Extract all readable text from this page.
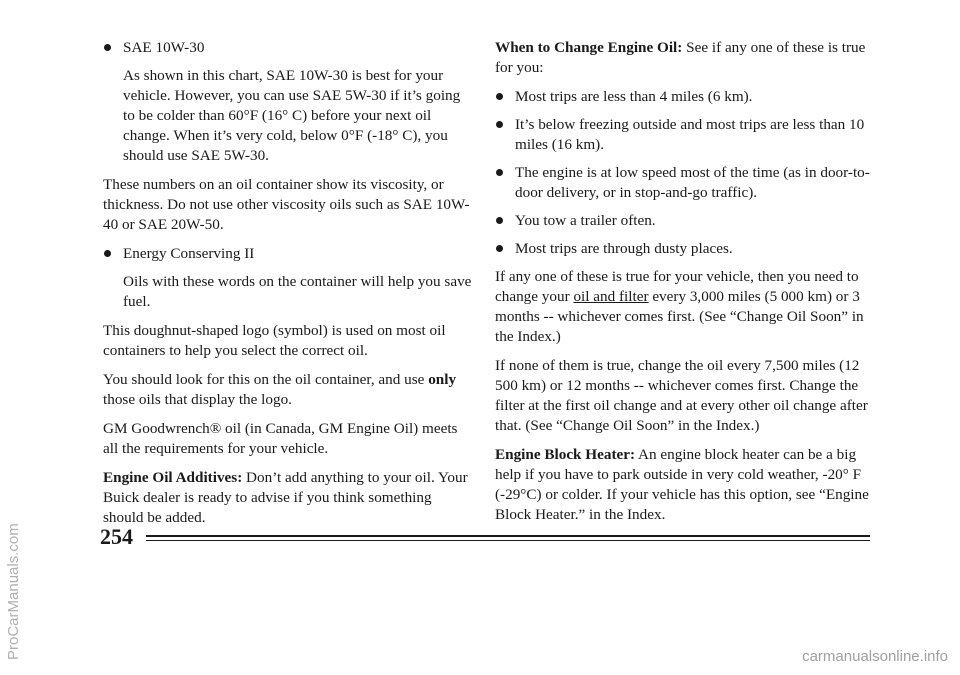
SAE 10W-30

As shown in this chart, SAE 10W-30 is best for your vehicle. However, you can use SAE 5W-30 if it’s going to be colder than 60°F (16° C) before your next oil change. When it’s very cold, below 0°F (-18° C), you should use SAE 5W-30.

These numbers on an oil container show its viscosity, or thickness. Do not use other viscosity oils such as SAE 10W-40 or SAE 20W-50.

Energy Conserving II

Oils with these words on the container will help you save fuel.

This doughnut-shaped logo (symbol) is used on most oil containers to help you select the correct oil.

You should look for this on the oil container, and use only those oils that display the logo.

GM Goodwrench® oil (in Canada, GM Engine Oil) meets all the requirements for your vehicle.

Engine Oil Additives: Don’t add anything to your oil. Your Buick dealer is ready to advise if you think something should be added.

When to Change Engine Oil: See if any one of these is true for you:

Most trips are less than 4 miles (6 km).
It’s below freezing outside and most trips are less than 10 miles (16 km).
The engine is at low speed most of the time (as in door-to-door delivery, or in stop-and-go traffic).
You tow a trailer often.
Most trips are through dusty places.

If any one of these is true for your vehicle, then you need to change your oil and filter every 3,000 miles (5 000 km) or 3 months -- whichever comes first. (See “Change Oil Soon” in the Index.)

If none of them is true, change the oil every 7,500 miles (12 500 km) or 12 months -- whichever comes first. Change the filter at the first oil change and at every other oil change after that. (See “Change Oil Soon” in the Index.)

Engine Block Heater: An engine block heater can be a big help if you have to park outside in very cold weather, -20° F (-29°C) or colder. If your vehicle has this option, see “Engine Block Heater.” in the Index.

254
ProCarManuals.com	carmanualsonline.info
